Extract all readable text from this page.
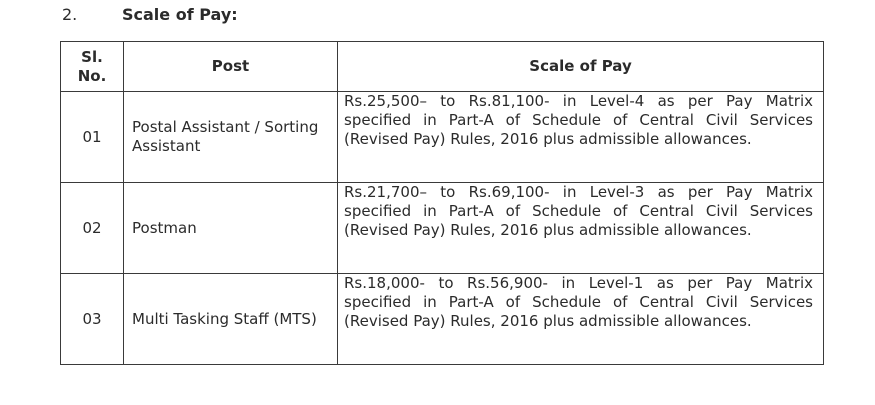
2.	Scale of Pay:
Sl.
No.	Post	Scale of Pay
01	Postal Assistant / Sorting Assistant	Rs.25,500– to Rs.81,100- in Level-4 as per Pay Matrix specified in Part-A of Schedule of Central Civil Services (Revised Pay) Rules, 2016 plus admissible allowances.
02	Postman	Rs.21,700– to Rs.69,100- in Level-3 as per Pay Matrix specified in Part-A of Schedule of Central Civil Services (Revised Pay) Rules, 2016 plus admissible allowances.
03	Multi Tasking Staff (MTS)	Rs.18,000- to Rs.56,900- in Level-1 as per Pay Matrix specified in Part-A of Schedule of Central Civil Services (Revised Pay) Rules, 2016 plus admissible allowances.
